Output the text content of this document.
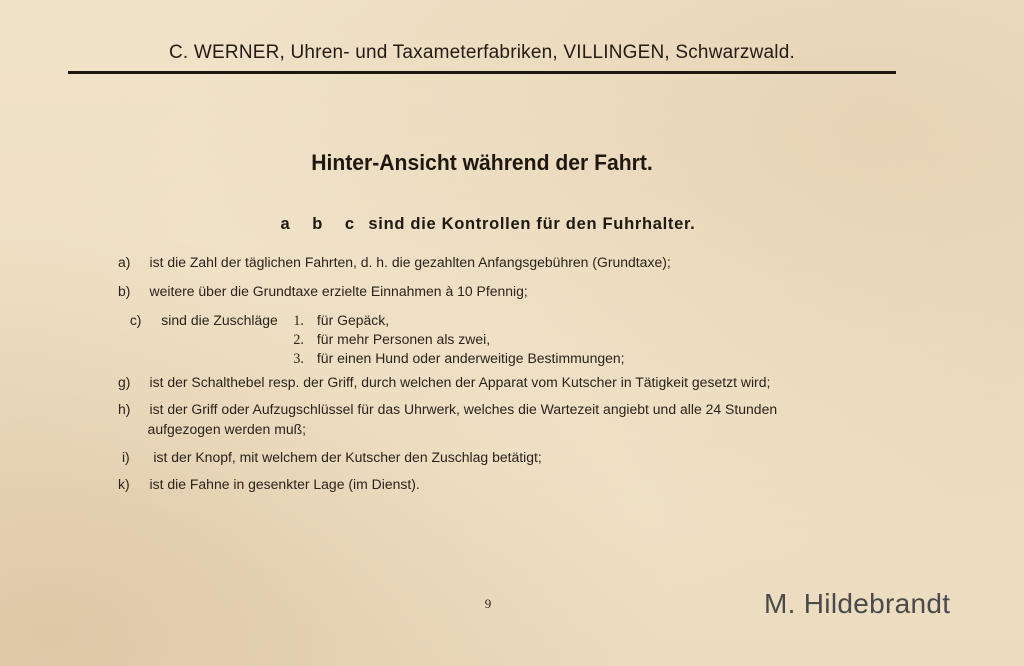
C. WERNER, Uhren- und Taxameterfabriken, VILLINGEN, Schwarzwald.
Hinter-Ansicht während der Fahrt.
a b c sind die Kontrollen für den Fuhrhalter.
a) ist die Zahl der täglichen Fahrten, d. h. die gezahlten Anfangsgebühren (Grundtaxe);
b) weitere über die Grundtaxe erzielte Einnahmen à 10 Pfennig;
c) sind die Zuschläge 1. für Gepäck,
2. für mehr Personen als zwei,
3. für einen Hund oder anderweitige Bestimmungen;
g) ist der Schalthebel resp. der Griff, durch welchen der Apparat vom Kutscher in Tätigkeit gesetzt wird;
h) ist der Griff oder Aufzugschlüssel für das Uhrwerk, welches die Wartezeit angiebt und alle 24 Stunden
aufgezogen werden muß;
i) ist der Knopf, mit welchem der Kutscher den Zuschlag betätigt;
k) ist die Fahne in gesenkter Lage (im Dienst).
9	M. Hildebrandt
